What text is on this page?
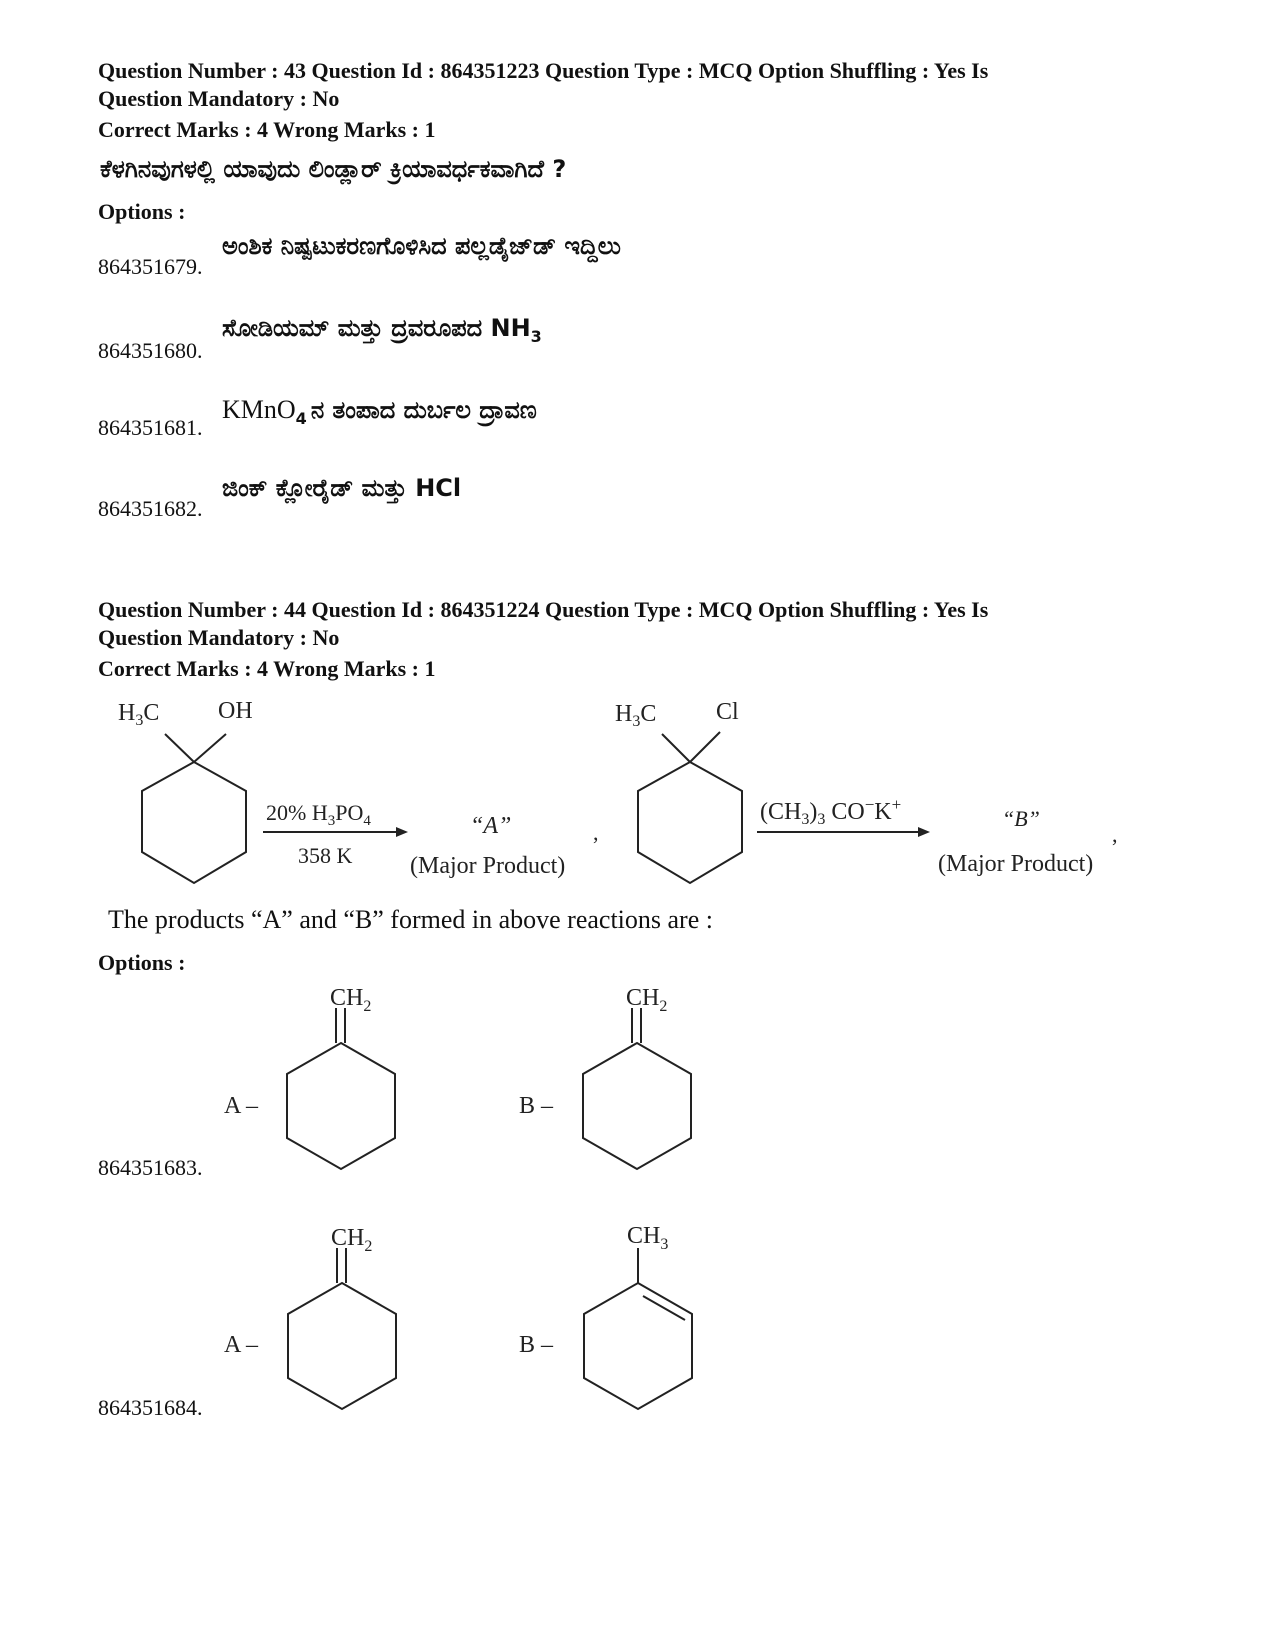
Question Number : 43 Question Id : 864351223 Question Type : MCQ Option Shuffling : Yes Is
Question Mandatory : No
Correct Marks : 4 Wrong Marks : 1
ಕೆಳಗಿನವುಗಳಲ್ಲಿ ಯಾವುದು ಲಿಂಡ್ಲಾರ್ ಕ್ರಿಯಾವರ್ಧಕವಾಗಿದೆ ?
Options :
ಅಂಶಿಕ ನಿಷ್ಪಟುಕರಣಗೊಳಿಸಿದ ಪಲ್ಲಡೈಜ್‌ಡ್ ಇದ್ದಿಲು
864351679.
ಸೋಡಿಯಮ್ ಮತ್ತು ದ್ರವರೂಪದ $NH_3$
864351680.
KMnO$_4$ ನ ತಂಪಾದ ದುರ್ಬಲ ದ್ರಾವಣ
864351681.
ಜಿಂಕ್ ಕ್ಲೋರೈಡ್ ಮತ್ತು HCl
864351682.
Question Number : 44 Question Id : 864351224 Question Type : MCQ Option Shuffling : Yes Is
Question Mandatory : No
Correct Marks : 4 Wrong Marks : 1
$H_3C$ OH
20% $H_3PO_4$
358 K
“A”
(Major Product)
,
$H_3C$ Cl
$(CH_3)_3$ CO−K+
“B”
(Major Product)
,
The products “A” and “B” formed in above reactions are :
Options :
A –
$CH_2$
B –
$CH_2$
864351683.
A –
$CH_2$
B –
$CH_3$
864351684.
